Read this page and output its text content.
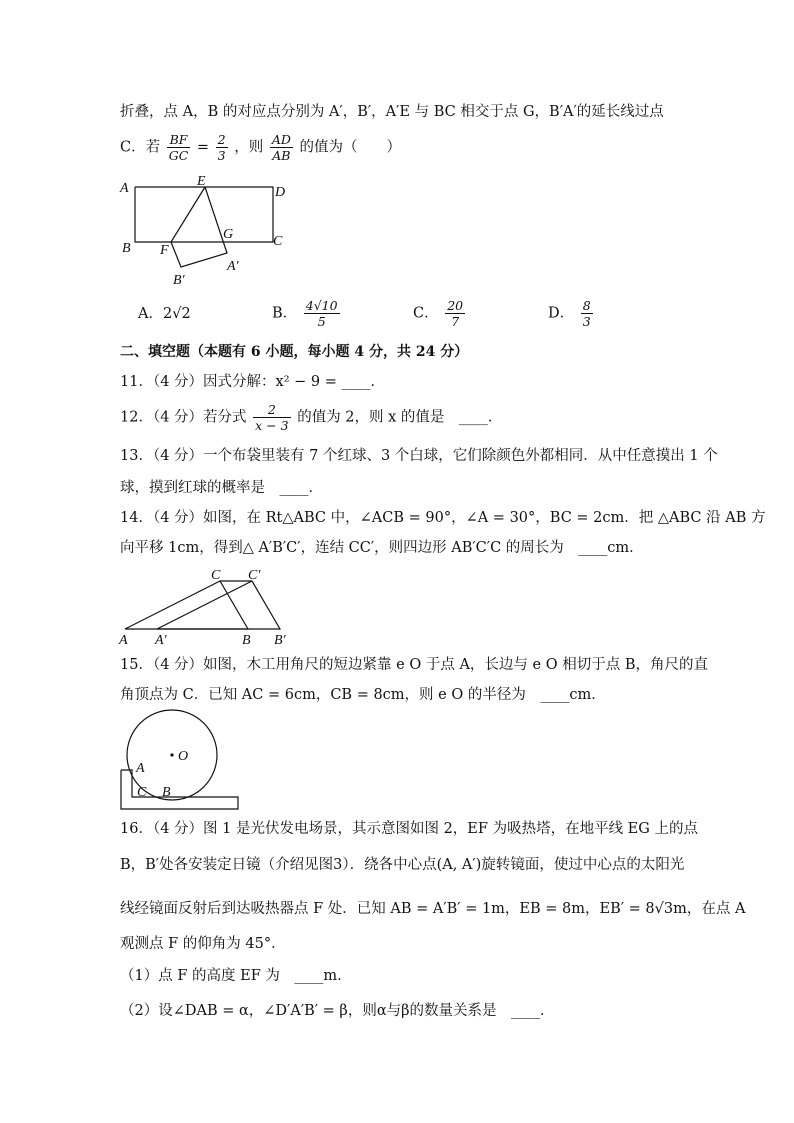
折叠，点 A，B 的对应点分别为 A′，B′，A′E 与 BC 相交于点 G，B′A′的延长线过点
C．若 $\frac{BF}{GC} = \frac{2}{3}$ ，则 $\frac{AD}{AB}$ 的值为（　　）
A	E
D
B F
G	C
B′
A′
A．2√2	B． $\frac{4√10}{5}$	C． $\frac{20}{7}$	D． $\frac{8}{3}$
二、填空题（本题有 6 小题，每小题 4 分，共 24 分）
11．（4 分）因式分解：x² − 9 = ____．
12．（4 分）若分式 $\frac{2}{x - 3}$ 的值为 2，则 x 的值是　____．
13．（4 分）一个布袋里装有 7 个红球、3 个白球，它们除颜色外都相同．从中任意摸出 1 个
球，摸到红球的概率是　____．
14．（4 分）如图，在 Rt△ABC 中，∠ACB = 90°，∠A = 30°，BC = 2cm．把 △ABC 沿 AB 方
向平移 1cm，得到△ A′B′C′，连结 CC′，则四边形 AB′C′C 的周长为　____cm．
A A′	B B′
C C′
15．（4 分）如图，木工用角尺的短边紧靠 e O 于点 A，长边与 e O 相切于点 B，角尺的直
角顶点为 C．已知 AC = 6cm，CB = 8cm，则 e O 的半径为　____cm．
O
A
C B
16．（4 分）图 1 是光伏发电场景，其示意图如图 2，EF 为吸热塔，在地平线 EG 上的点
B，B′处各安装定日镜（介绍见图3）．绕各中心点(A, A′)旋转镜面，使过中心点的太阳光
线经镜面反射后到达吸热器点 F 处．已知 AB = A′B′ = 1m，EB = 8m，EB′ = 8√3m，在点 A
观测点 F 的仰角为 45°．
（1）点 F 的高度 EF 为　____m．
（2）设∠DAB = α，∠D′A′B′ = β，则α与β的数量关系是　____．
